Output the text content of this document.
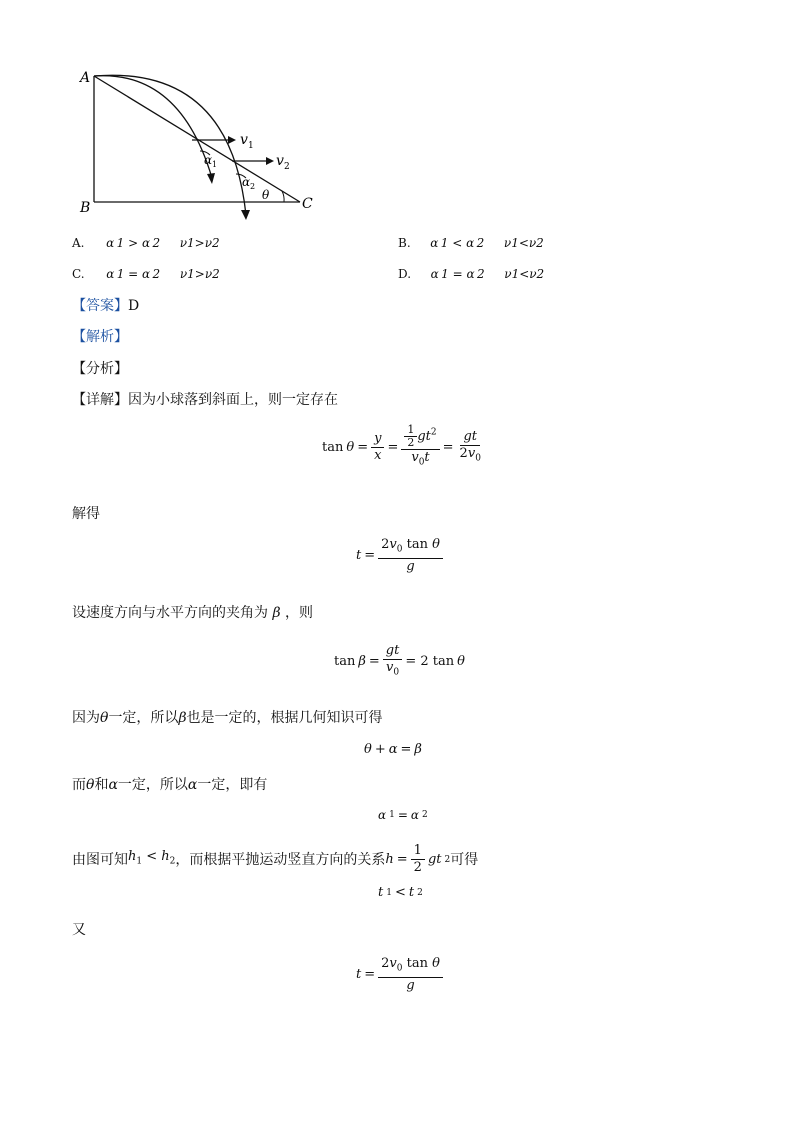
A
B	C
v 1
v 2
α 1
α 2
θ
A. α 1 > α 2 ν1>ν2	B. α 1 < α 2 ν1<ν2
C. α 1 = α 2 ν1>ν2	D. α 1 = α 2 ν1<ν2
【答案】D
【解析】
【分析】
【详解】因为小球落到斜面上，则一定存在
$\tan \theta = \frac{y}{x} = \frac{\frac{1}{2} gt^2}{v_0t} = \frac{gt}{2v_0}$
解得
$t = \frac{2v_0 \tan \theta}{g}$
设速度方向与水平方向的夹角为 β ，则
$\tan \beta = \frac{gt}{v_0} = 2$ tan θ
因为θ一定，所以β也是一定的，根据几何知识可得
θ + α = β
而θ和α一定，所以α一定，即有
α 1 = α 2
由图可知 $h_1 < h_2$ ，而根据平抛运动竖直方向的关系 $h = \frac{1}{2}$ gt 2 可得
t 1 < t 2
又
$t = \frac{2v_0 \tan \theta}{g}$
